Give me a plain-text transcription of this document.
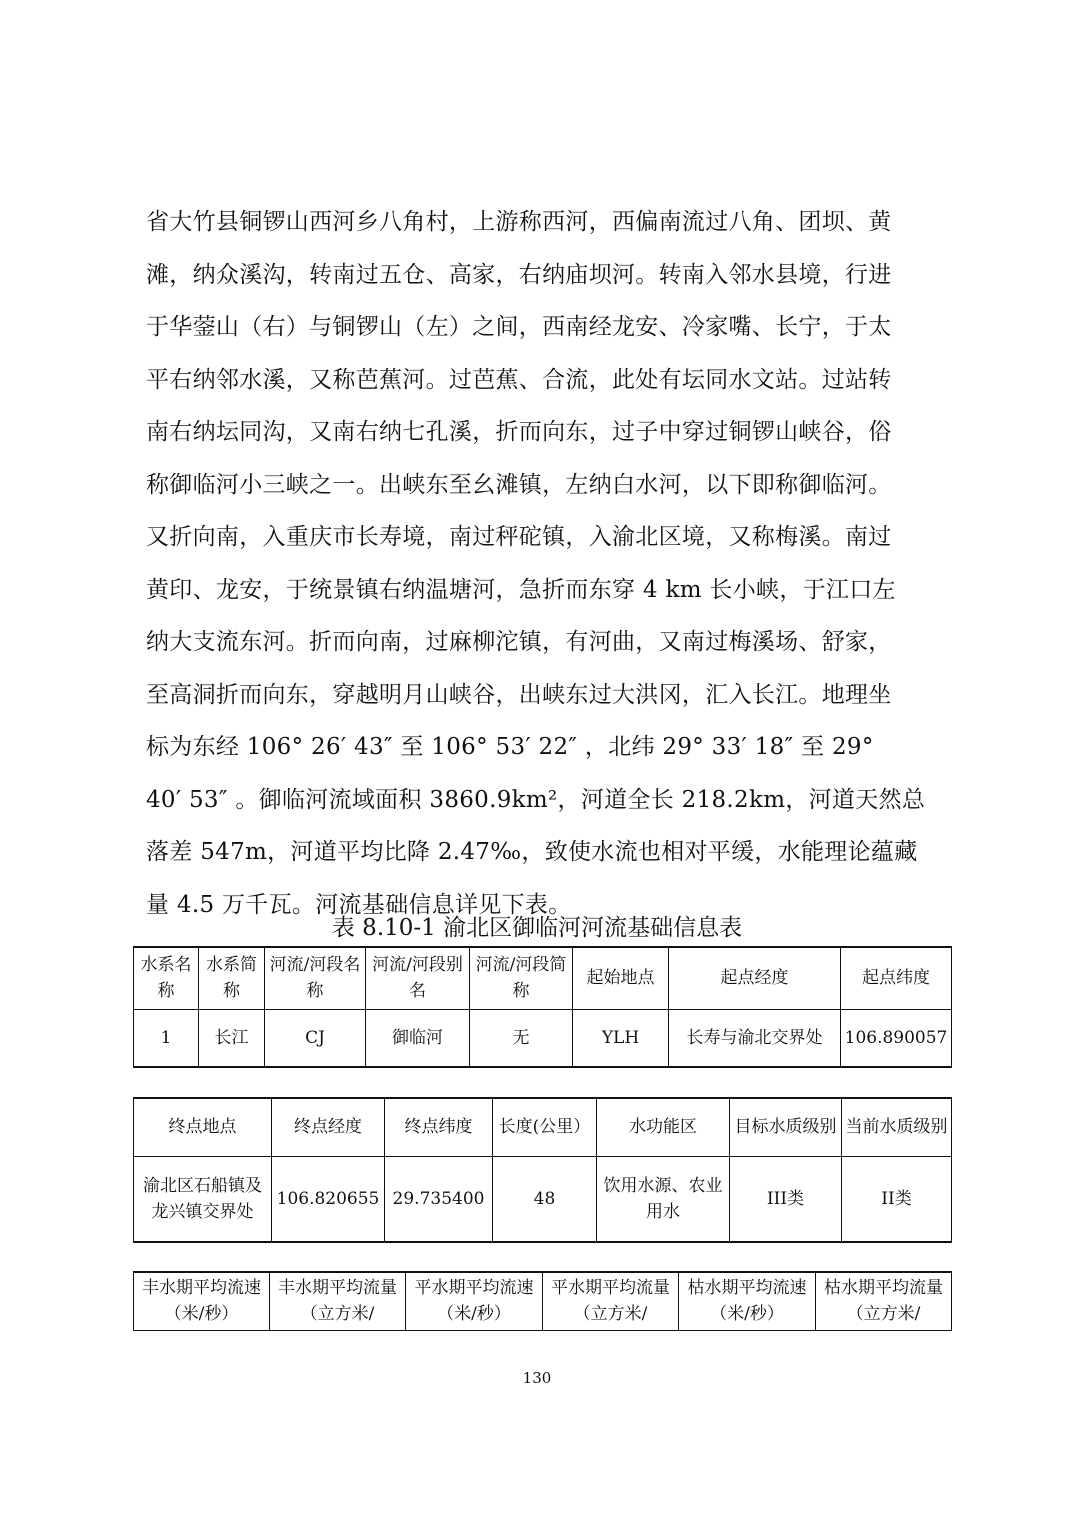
省大竹县铜锣山西河乡八角村，上游称西河，西偏南流过八角、团坝、黄
滩，纳众溪沟，转南过五仓、高家，右纳庙坝河。转南入邻水县境，行进
于华蓥山（右）与铜锣山（左）之间，西南经龙安、冷家嘴、长宁，于太
平右纳邻水溪，又称芭蕉河。过芭蕉、合流，此处有坛同水文站。过站转
南右纳坛同沟，又南右纳七孔溪，折而向东，过子中穿过铜锣山峡谷，俗
称御临河小三峡之一。出峡东至幺滩镇，左纳白水河，以下即称御临河。
又折向南，入重庆市长寿境，南过秤砣镇，入渝北区境，又称梅溪。南过
黄印、龙安，于统景镇右纳温塘河，急折而东穿 4 km 长小峡，于江口左
纳大支流东河。折而向南，过麻柳沱镇，有河曲，又南过梅溪场、舒家，
至高洞折而向东，穿越明月山峡谷，出峡东过大洪冈，汇入长江。地理坐
标为东经 106° 26′ 43″ 至 106° 53′ 22″ ，北纬 29° 33′ 18″ 至 29°
40′ 53″ 。御临河流域面积 3860.9km²，河道全长 218.2km，河道天然总
落差 547m，河道平均比降 2.47‰，致使水流也相对平缓，水能理论蕴藏
量 4.5 万千瓦。河流基础信息详见下表。
表 8.10-1 渝北区御临河河流基础信息表
水系名称	水系简称	河流/河段名称	河流/河段别名	河流/河段简称	起始地点	起点经度	起点纬度
1	长江	CJ	御临河	无	YLH	长寿与渝北交界处	106.890057
终点地点	终点经度	终点纬度	长度(公里）	水功能区	目标水质级别	当前水质级别
渝北区石船镇及龙兴镇交界处	106.820655	29.735400	48	饮用水源、农业用水	III类	II类
丰水期平均流速（米/秒）	丰水期平均流量（立方米/	平水期平均流速（米/秒）	平水期平均流量（立方米/	枯水期平均流速（米/秒）	枯水期平均流量（立方米/
130
